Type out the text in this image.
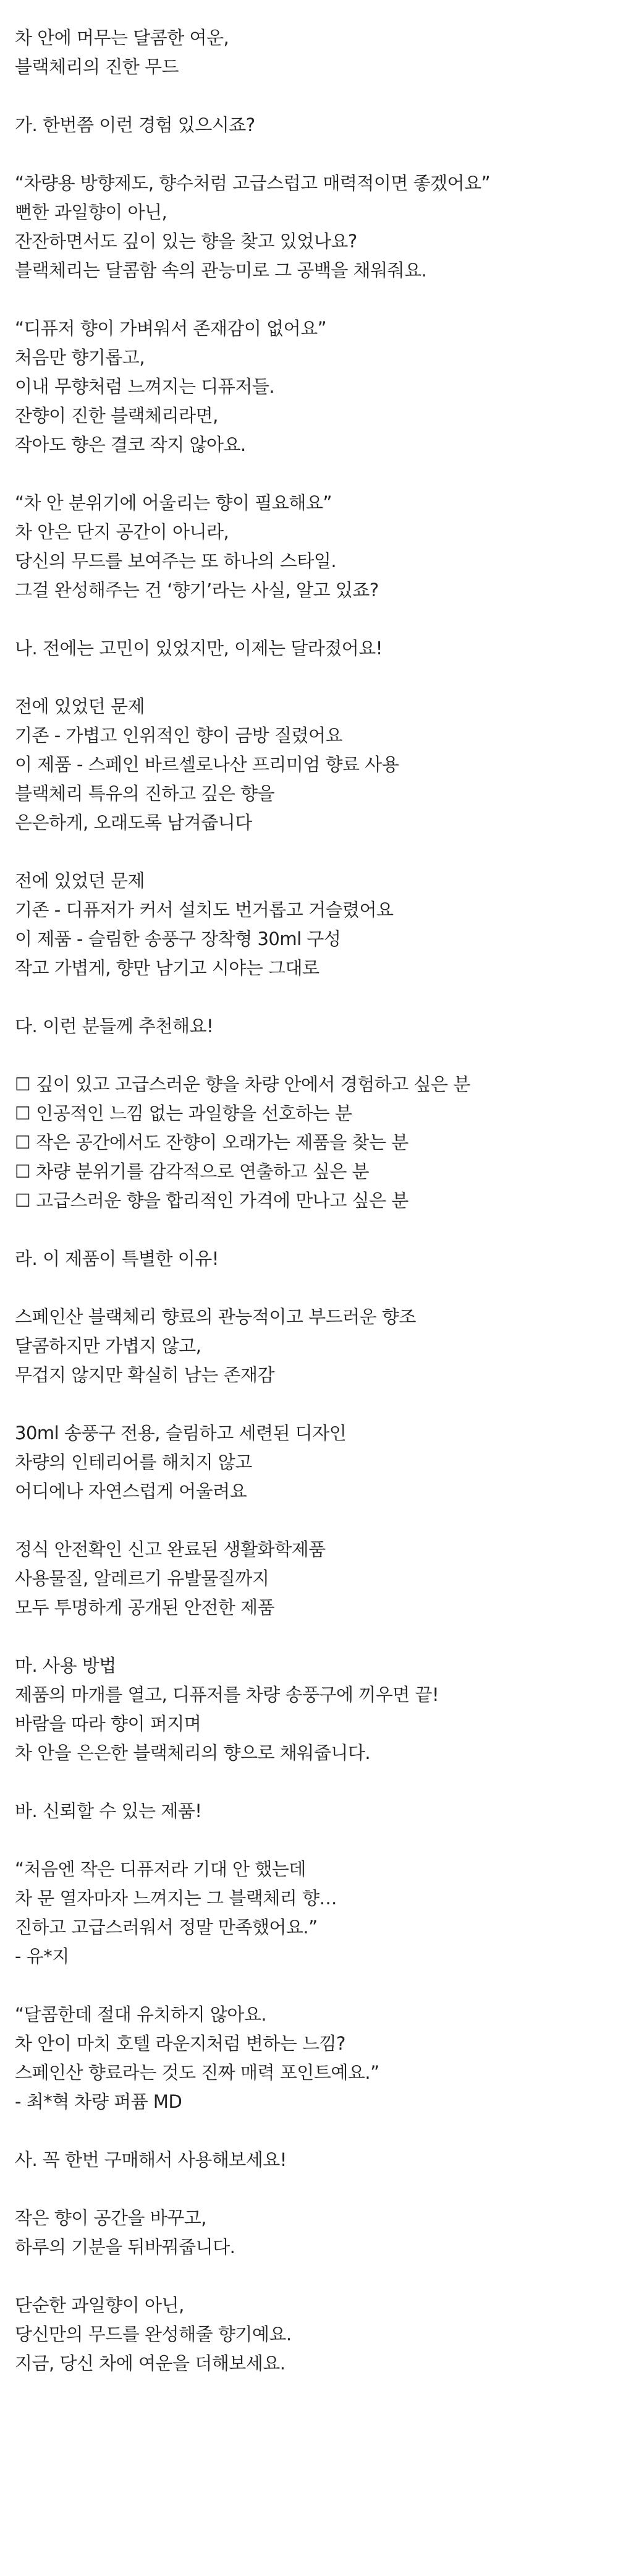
차 안에 머무는 달콤한 여운,
블랙체리의 진한 무드
가. 한번쯤 이런 경험 있으시죠?
“차량용 방향제도, 향수처럼 고급스럽고 매력적이면 좋겠어요”
뻔한 과일향이 아닌,
잔잔하면서도 깊이 있는 향을 찾고 있었나요?
블랙체리는 달콤함 속의 관능미로 그 공백을 채워줘요.
“디퓨저 향이 가벼워서 존재감이 없어요”
처음만 향기롭고,
이내 무향처럼 느껴지는 디퓨저들.
잔향이 진한 블랙체리라면,
작아도 향은 결코 작지 않아요.
“차 안 분위기에 어울리는 향이 필요해요”
차 안은 단지 공간이 아니라,
당신의 무드를 보여주는 또 하나의 스타일.
그걸 완성해주는 건 ‘향기’라는 사실, 알고 있죠?
나. 전에는 고민이 있었지만, 이제는 달라졌어요!
전에 있었던 문제
기존 - 가볍고 인위적인 향이 금방 질렸어요
이 제품 - 스페인 바르셀로나산 프리미엄 향료 사용
블랙체리 특유의 진하고 깊은 향을
은은하게, 오래도록 남겨줍니다
전에 있었던 문제
기존 - 디퓨저가 커서 설치도 번거롭고 거슬렸어요
이 제품 - 슬림한 송풍구 장착형 30ml 구성
작고 가볍게, 향만 남기고 시야는 그대로
다. 이런 분들께 추천해요!
☐ 깊이 있고 고급스러운 향을 차량 안에서 경험하고 싶은 분
☐ 인공적인 느낌 없는 과일향을 선호하는 분
☐ 작은 공간에서도 잔향이 오래가는 제품을 찾는 분
☐ 차량 분위기를 감각적으로 연출하고 싶은 분
☐ 고급스러운 향을 합리적인 가격에 만나고 싶은 분
라. 이 제품이 특별한 이유!
스페인산 블랙체리 향료의 관능적이고 부드러운 향조
달콤하지만 가볍지 않고,
무겁지 않지만 확실히 남는 존재감
30ml 송풍구 전용, 슬림하고 세련된 디자인
차량의 인테리어를 해치지 않고
어디에나 자연스럽게 어울려요
정식 안전확인 신고 완료된 생활화학제품
사용물질, 알레르기 유발물질까지
모두 투명하게 공개된 안전한 제품
마. 사용 방법
제품의 마개를 열고, 디퓨저를 차량 송풍구에 끼우면 끝!
바람을 따라 향이 퍼지며
차 안을 은은한 블랙체리의 향으로 채워줍니다.
바. 신뢰할 수 있는 제품!
“처음엔 작은 디퓨저라 기대 안 했는데
차 문 열자마자 느껴지는 그 블랙체리 향…
진하고 고급스러워서 정말 만족했어요.”
- 유*지
“달콤한데 절대 유치하지 않아요.
차 안이 마치 호텔 라운지처럼 변하는 느낌?
스페인산 향료라는 것도 진짜 매력 포인트예요.”
- 최*혁 차량 퍼퓸 MD
사. 꼭 한번 구매해서 사용해보세요!
작은 향이 공간을 바꾸고,
하루의 기분을 뒤바꿔줍니다.
단순한 과일향이 아닌,
당신만의 무드를 완성해줄 향기예요.
지금, 당신 차에 여운을 더해보세요.
